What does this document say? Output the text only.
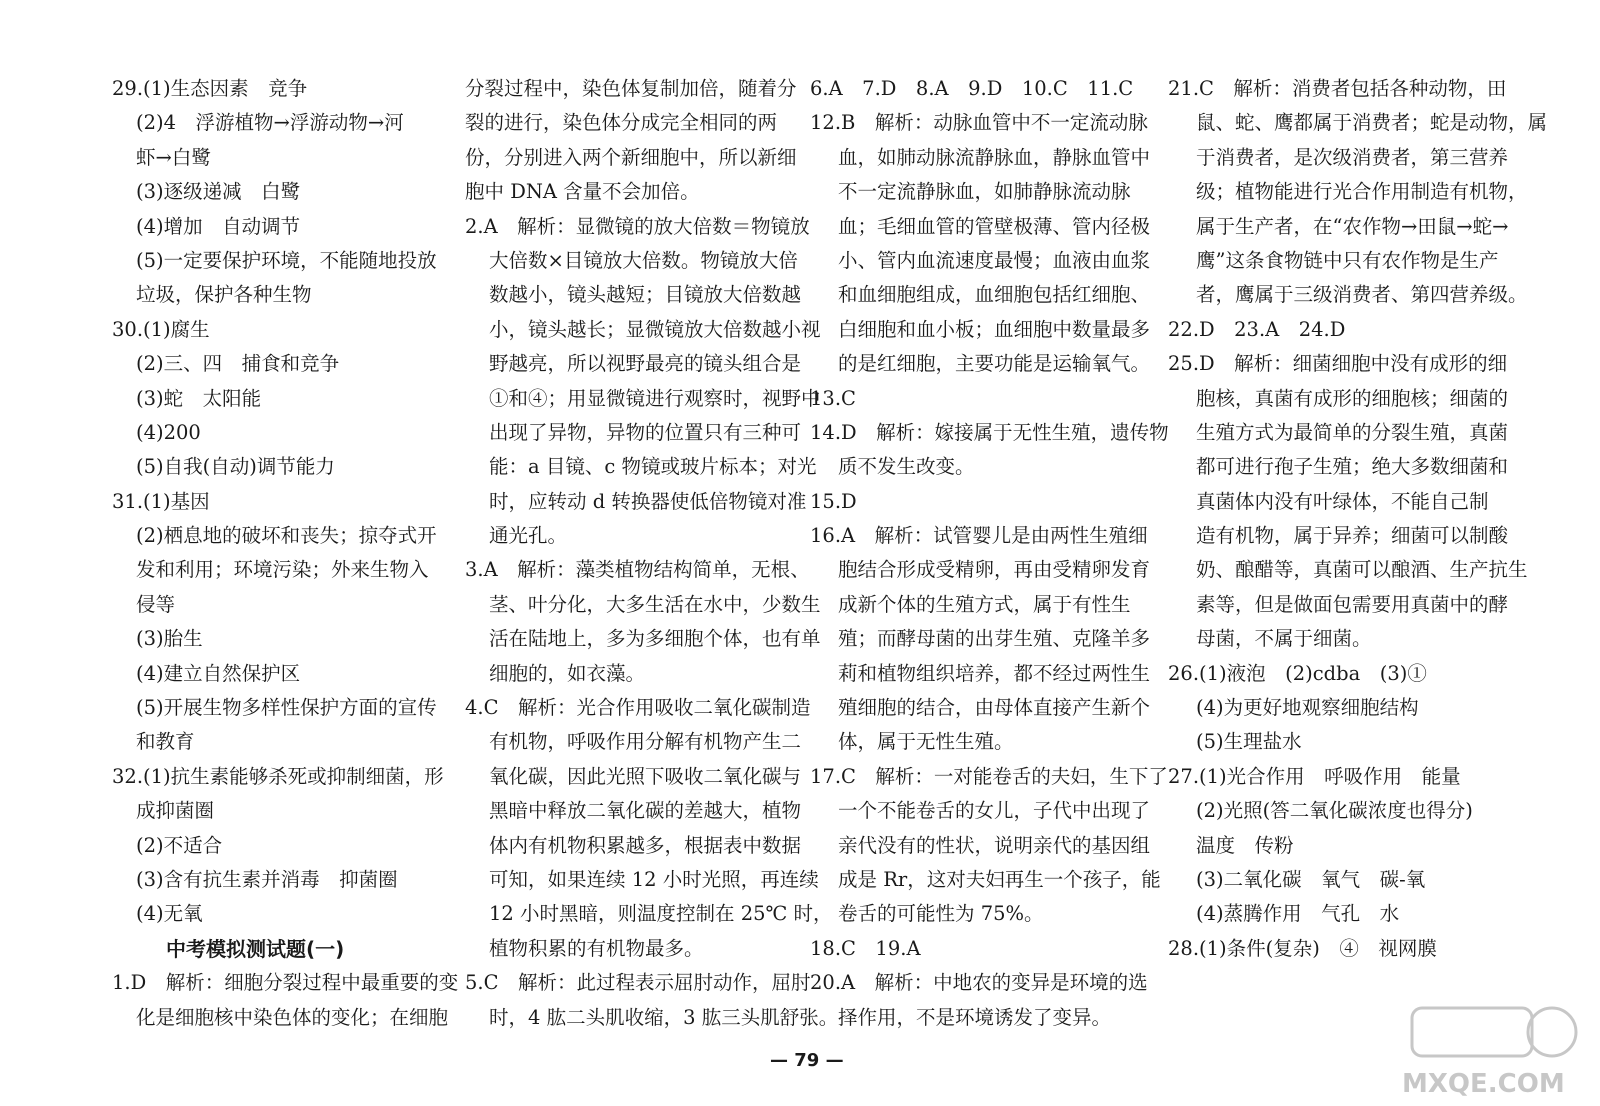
29.(1)生态因素　竞争
(2)4　浮游植物→浮游动物→河
虾→白鹭
(3)逐级递减　白鹭
(4)增加　自动调节
(5)一定要保护环境，不能随地投放
垃圾，保护各种生物
30.(1)腐生
(2)三、四　捕食和竞争
(3)蛇　太阳能
(4)200
(5)自我(自动)调节能力
31.(1)基因
(2)栖息地的破坏和丧失；掠夺式开
发和利用；环境污染；外来生物入
侵等
(3)胎生
(4)建立自然保护区
(5)开展生物多样性保护方面的宣传
和教育
32.(1)抗生素能够杀死或抑制细菌，形
成抑菌圈
(2)不适合
(3)含有抗生素并消毒　抑菌圈
(4)无氧
中考模拟测试题(一)
1.D　解析：细胞分裂过程中最重要的变
化是细胞核中染色体的变化；在细胞
分裂过程中，染色体复制加倍，随着分
裂的进行，染色体分成完全相同的两
份，分别进入两个新细胞中，所以新细
胞中 DNA 含量不会加倍。
2.A　解析：显微镜的放大倍数＝物镜放
大倍数×目镜放大倍数。物镜放大倍
数越小，镜头越短；目镜放大倍数越
小，镜头越长；显微镜放大倍数越小视
野越亮，所以视野最亮的镜头组合是
①和④；用显微镜进行观察时，视野中
出现了异物，异物的位置只有三种可
能：a 目镜、c 物镜或玻片标本；对光
时，应转动 d 转换器使低倍物镜对准
通光孔。
3.A　解析：藻类植物结构简单，无根、
茎、叶分化，大多生活在水中，少数生
活在陆地上，多为多细胞个体，也有单
细胞的，如衣藻。
4.C　解析：光合作用吸收二氧化碳制造
有机物，呼吸作用分解有机物产生二
氧化碳，因此光照下吸收二氧化碳与
黑暗中释放二氧化碳的差越大，植物
体内有机物积累越多，根据表中数据
可知，如果连续 12 小时光照，再连续
12 小时黑暗，则温度控制在 25℃ 时，
植物积累的有机物最多。
5.C　解析：此过程表示屈肘动作，屈肘
时，4 肱二头肌收缩，3 肱三头肌舒张。
6.A　7.D　8.A　9.D　10.C　11.C
12.B　解析：动脉血管中不一定流动脉
血，如肺动脉流静脉血，静脉血管中
不一定流静脉血，如肺静脉流动脉
血；毛细血管的管壁极薄、管内径极
小、管内血流速度最慢；血液由血浆
和血细胞组成，血细胞包括红细胞、
白细胞和血小板；血细胞中数量最多
的是红细胞，主要功能是运输氧气。
13.C
14.D　解析：嫁接属于无性生殖，遗传物
质不发生改变。
15.D
16.A　解析：试管婴儿是由两性生殖细
胞结合形成受精卵，再由受精卵发育
成新个体的生殖方式，属于有性生
殖；而酵母菌的出芽生殖、克隆羊多
莉和植物组织培养，都不经过两性生
殖细胞的结合，由母体直接产生新个
体，属于无性生殖。
17.C　解析：一对能卷舌的夫妇，生下了
一个不能卷舌的女儿，子代中出现了
亲代没有的性状，说明亲代的基因组
成是 Rr，这对夫妇再生一个孩子，能
卷舌的可能性为 75%。
18.C　19.A
20.A　解析：中地农的变异是环境的选
择作用，不是环境诱发了变异。
21.C　解析：消费者包括各种动物，田
鼠、蛇、鹰都属于消费者；蛇是动物，属
于消费者，是次级消费者，第三营养
级；植物能进行光合作用制造有机物，
属于生产者，在“农作物→田鼠→蛇→
鹰”这条食物链中只有农作物是生产
者，鹰属于三级消费者、第四营养级。
22.D　23.A　24.D
25.D　解析：细菌细胞中没有成形的细
胞核，真菌有成形的细胞核；细菌的
生殖方式为最简单的分裂生殖，真菌
都可进行孢子生殖；绝大多数细菌和
真菌体内没有叶绿体，不能自己制
造有机物，属于异养；细菌可以制酸
奶、酿醋等，真菌可以酿酒、生产抗生
素等，但是做面包需要用真菌中的酵
母菌，不属于细菌。
26.(1)液泡　(2)cdba　(3)①
(4)为更好地观察细胞结构
(5)生理盐水
27.(1)光合作用　呼吸作用　能量
(2)光照(答二氧化碳浓度也得分)
温度　传粉
(3)二氧化碳　氧气　碳-氧
(4)蒸腾作用　气孔　水
28.(1)条件(复杂)　④　视网膜
— 79 —
MXQE.COM
